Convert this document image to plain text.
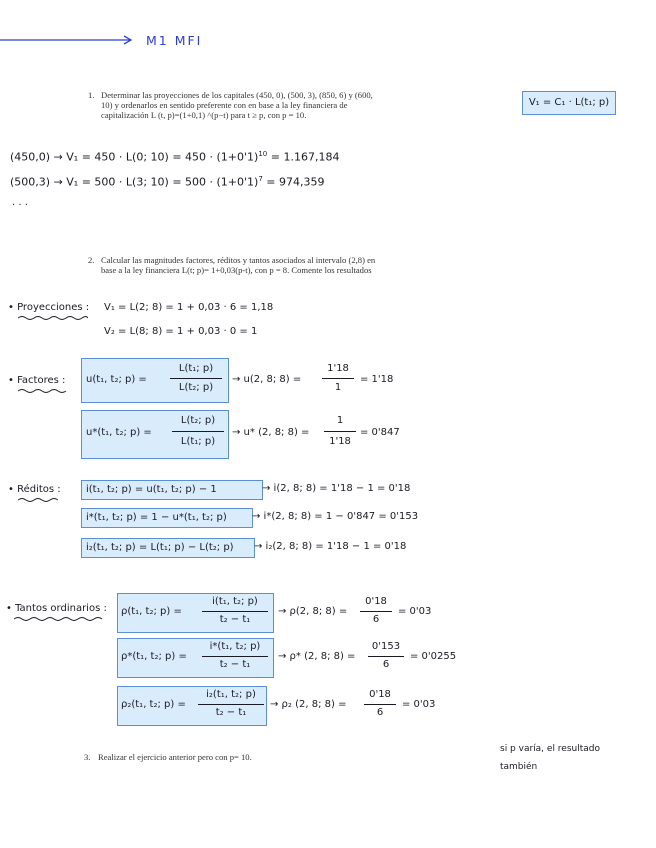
M1 MFI
1. Determinar las proyecciones de los capitales (450, 0), (500, 3), (850, 6) y (600,
10) y ordenarlos en sentido preferente con en base a la ley financiera de
capitalización L (t, p)=(1+0,1) ^(p−t) para t ≥ p, con p = 10.
V₁ = C₁ · L(t₁; p)
(450,0) → V₁ = 450 · L(0; $10) = 450 \cdot (1+0'1)^{10} = 1.167,184$
(500,3) → V₁ = 500 · L(3; $10) = 500 \cdot (1+0'1)^7 = 974,359$
· · ·
2. Calcular las magnitudes factores, réditos y tantos asociados al intervalo (2,8) en
base a la ley financiera L(t; p)= 1+0,03(p-t), con p = 8. Comente los resultados
• Proyecciones : V₁ = L(2; 8) = 1 + 0,03 · 6 = 1,18
V₂ = L(8; 8) = 1 + 0,03 · 0 = 1
• Factores : u(t₁, t₂; p) =
L(t₁; p)
L(t₂; p)
→ u(2, 8; 8) =
1'18
1
= 1'18
u*(t₁, t₂; p) =
L(t₂; p)
L(t₁; p)
→ u* (2, 8; 8) =
1
1'18
= 0'847
• Réditos :	i(t₁, t₂; p) = u(t₁, t₂; p) − 1	→ i(2, 8; 8) = 1'18 − 1 = 0'18
i*(t₁, t₂; p) = 1 − u*(t₁, t₂; p)	→ i*(2, 8; 8) = 1 − 0'847 = 0'153
i₂(t₁, t₂; p) = L(t₁; p) − L(t₂; p)	→ i₂(2, 8; 8) = 1'18 − 1 = 0'18
• Tantos ordinarios : ρ(t₁, t₂; p) =
i(t₁, t₂; p)
t₂ − t₁
→ ρ(2, 8; 8) =
0'18
6
= 0'03
ρ*(t₁, t₂; p) =
i*(t₁, t₂; p)
t₂ − t₁
→ ρ* (2, 8; 8) =
0'153
6
= 0'0255
ρ₂(t₁, t₂; p) =
i₂(t₁, t₂; p)
t₂ − t₁
→ ρ₂ (2, 8; 8) =
0'18
6
= 0'03
3. Realizar el ejercicio anterior pero con p= 10.
si p varía, el resultado
también
